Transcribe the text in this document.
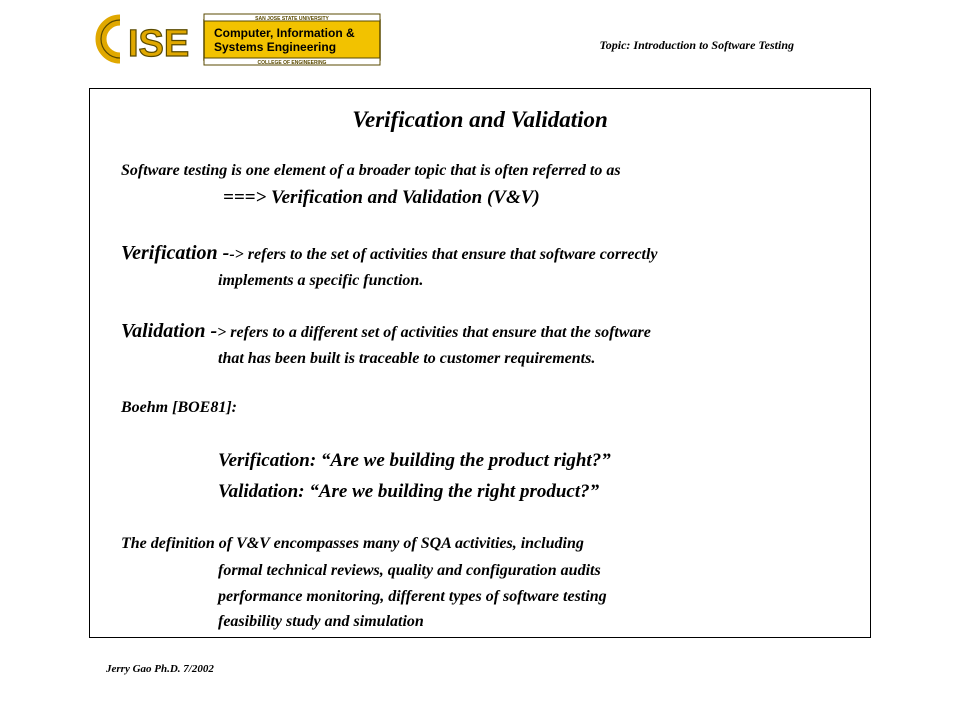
ISE
SAN JOSE STATE UNIVERSITY
Computer, Information &
Systems Engineering
COLLEGE OF ENGINEERING
Topic: Introduction to Software Testing
Verification and Validation
Software testing is one element of a broader topic that is often referred to as
===> Verification and Validation (V&V)
Verification --> refers to the set of activities that ensure that software correctly
implements a specific function.
Validation -> refers to a different set of activities that ensure that the software
that has been built is traceable to customer requirements.
Boehm [BOE81]:
Verification: “Are we building the product right?”
Validation: “Are we building the right product?”
The definition of V&V encompasses many of SQA activities, including
formal technical reviews, quality and configuration audits
performance monitoring, different types of software testing
feasibility study and simulation
Jerry Gao Ph.D. 7/2002
